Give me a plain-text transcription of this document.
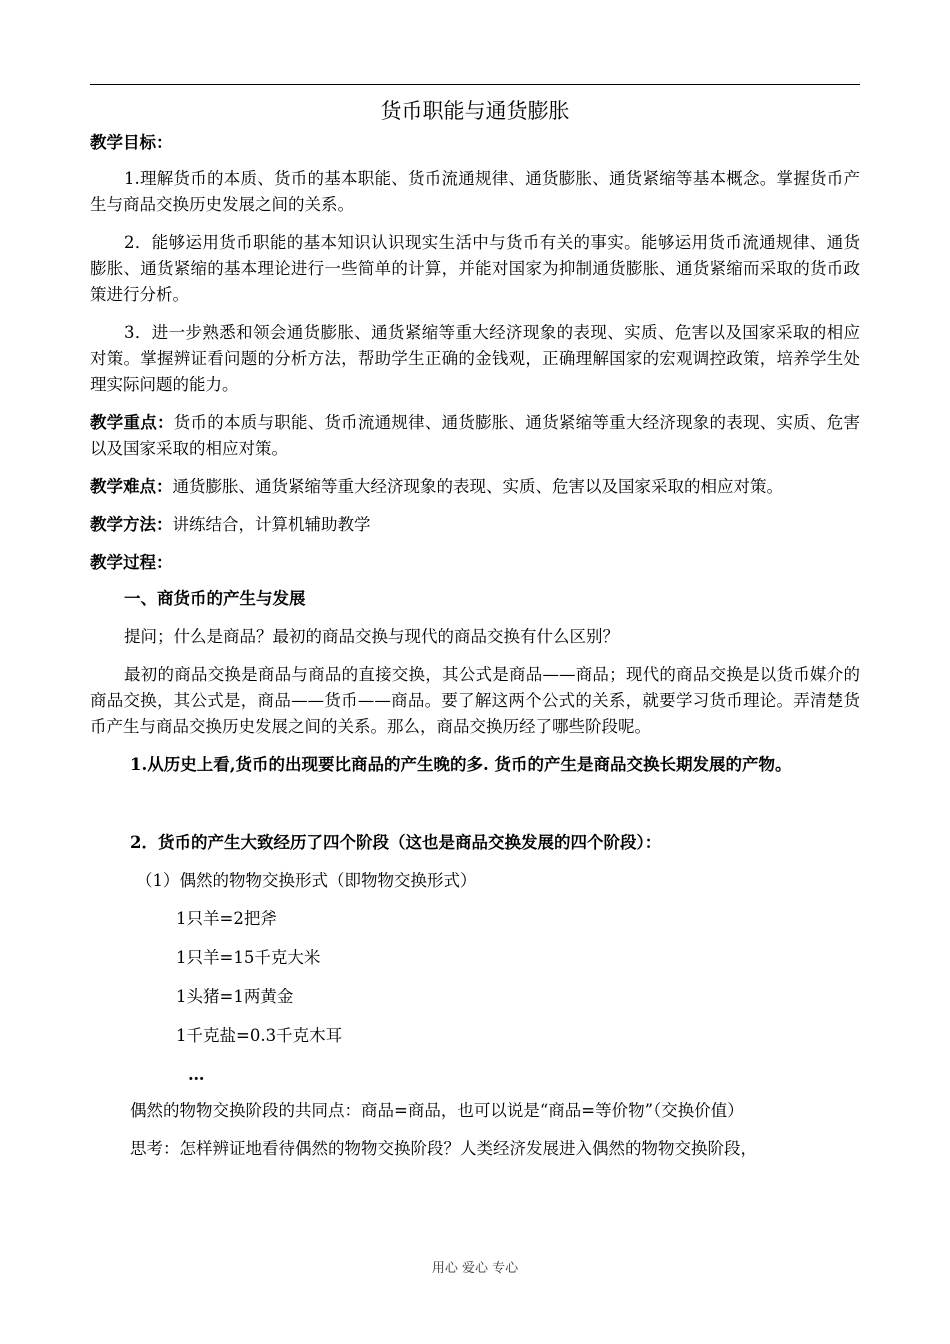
货币职能与通货膨胀

教学目标：

1.理解货币的本质、货币的基本职能、货币流通规律、通货膨胀、通货紧缩等基本概念。掌握货币产生与商品交换历史发展之间的关系。

2．能够运用货币职能的基本知识认识现实生活中与货币有关的事实。能够运用货币流通规律、通货膨胀、通货紧缩的基本理论进行一些简单的计算，并能对国家为抑制通货膨胀、通货紧缩而采取的货币政策进行分析。

3．进一步熟悉和领会通货膨胀、通货紧缩等重大经济现象的表现、实质、危害以及国家采取的相应对策。掌握辨证看问题的分析方法，帮助学生正确的金钱观，正确理解国家的宏观调控政策，培养学生处理实际问题的能力。

教学重点：货币的本质与职能、货币流通规律、通货膨胀、通货紧缩等重大经济现象的表现、实质、危害以及国家采取的相应对策。

教学难点：通货膨胀、通货紧缩等重大经济现象的表现、实质、危害以及国家采取的相应对策。

教学方法：讲练结合，计算机辅助教学

教学过程：

一、商货币的产生与发展

提问；什么是商品？最初的商品交换与现代的商品交换有什么区别？

最初的商品交换是商品与商品的直接交换，其公式是商品——商品；现代的商品交换是以货币媒介的商品交换，其公式是，商品——货币——商品。要了解这两个公式的关系，就要学习货币理论。弄清楚货币产生与商品交换历史发展之间的关系。那么，商品交换历经了哪些阶段呢。

1.从历史上看,货币的出现要比商品的产生晚的多. 货币的产生是商品交换长期发展的产物。

2．货币的产生大致经历了四个阶段（这也是商品交换发展的四个阶段）：

（1）偶然的物物交换形式（即物物交换形式）

1只羊=2把斧

1只羊=15千克大米

1头猪=1两黄金

1千克盐=0.3千克木耳

…

偶然的物物交换阶段的共同点：商品=商品，也可以说是“商品=等价物”（交换价值）

思考：怎样辨证地看待偶然的物物交换阶段？人类经济发展进入偶然的物物交换阶段，

用心 爱心 专心
